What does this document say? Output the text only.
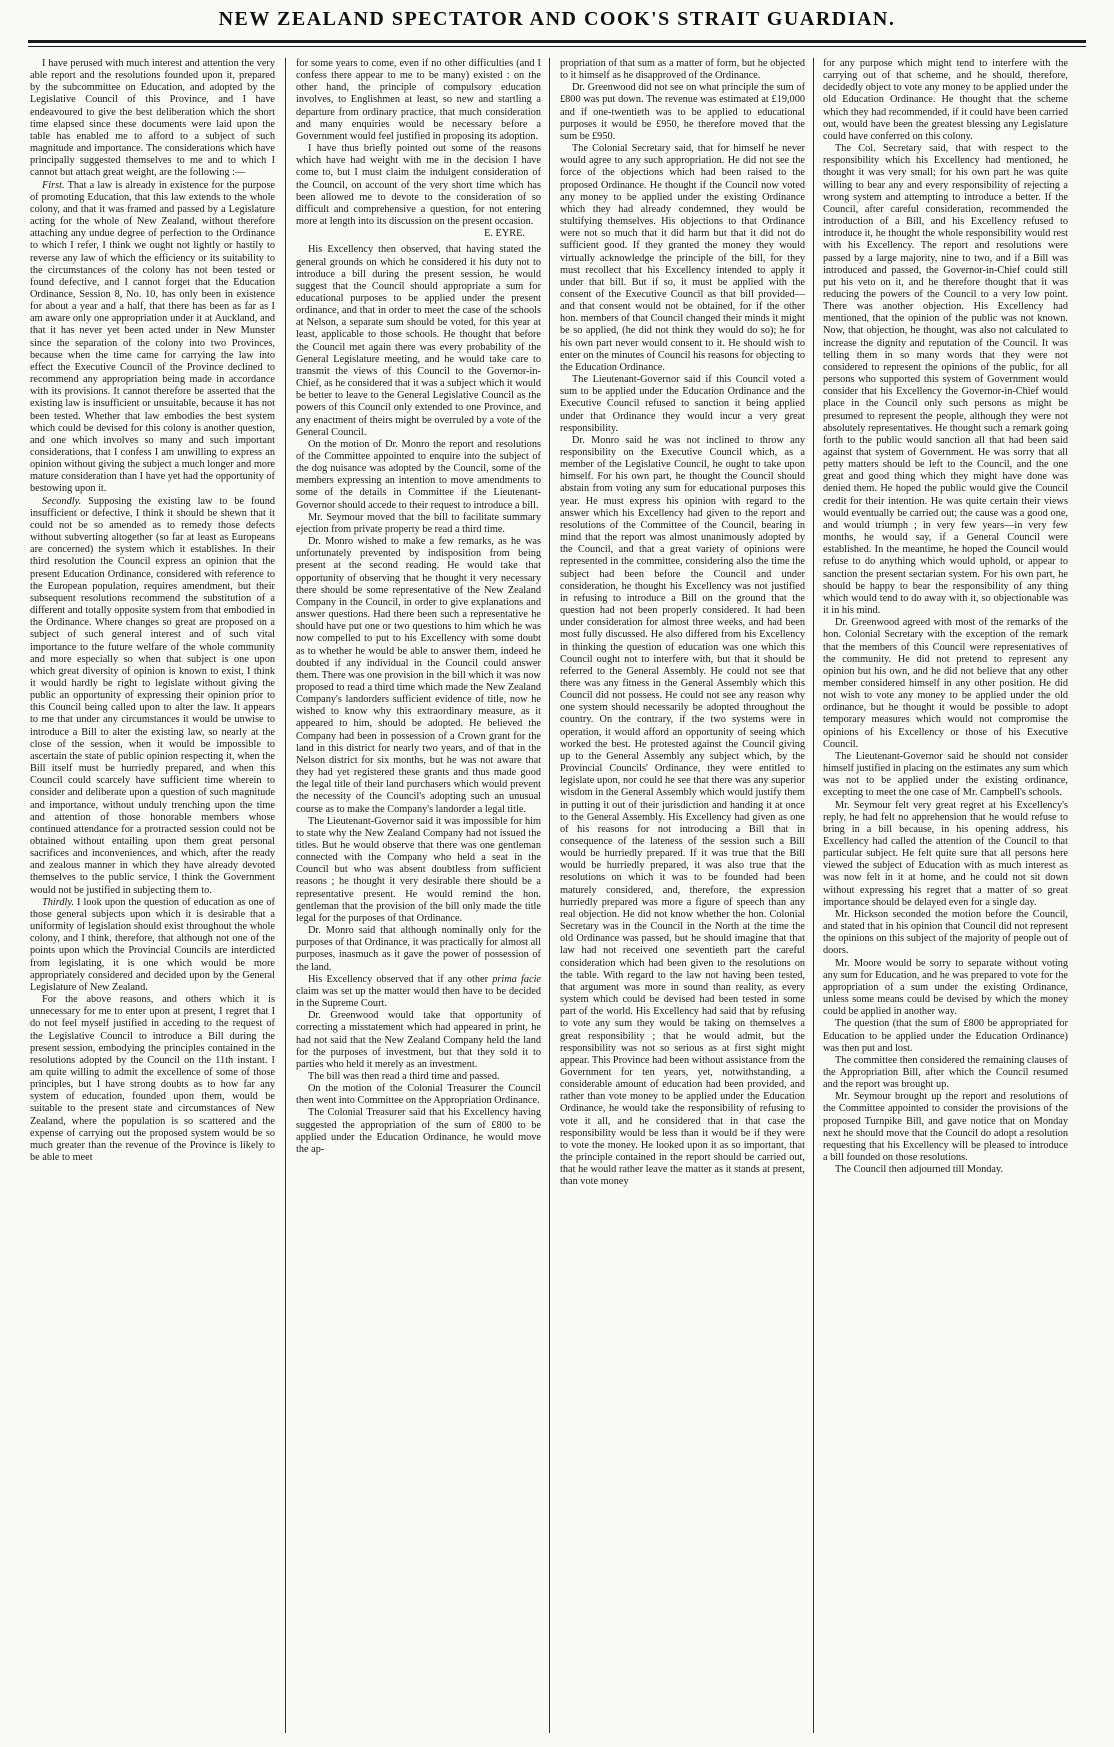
NEW ZEALAND SPECTATOR AND COOK'S STRAIT GUARDIAN.

I have perused with much interest and attention the very able report and the resolutions founded upon it, prepared by the subcommittee on Education, and adopted by the Legislative Council of this Province, and I have endeavoured to give the best deliberation which the short time elapsed since these documents were laid upon the table has enabled me to afford to a subject of such magnitude and importance. The considerations which have principally suggested themselves to me and to which I cannot but attach great weight, are the following :—

First. That a law is already in existence for the purpose of promoting Education, that this law extends to the whole colony, and that it was framed and passed by a Legislature acting for the whole of New Zealand, without therefore attaching any undue degree of perfection to the Ordinance to which I refer, I think we ought not lightly or hastily to reverse any law of which the efficiency or its suitability to the circumstances of the colony has not been tested or found defective, and I cannot forget that the Education Ordinance, Session 8, No. 10, has only been in existence for about a year and a half, that there has been as far as I am aware only one appropriation under it at Auckland, and that it has never yet been acted under in New Munster since the separation of the colony into two Provinces, because when the time came for carrying the law into effect the Executive Council of the Province declined to recommend any appropriation being made in accordance with its provisions. It cannot therefore be asserted that the existing law is insufficient or unsuitable, because it has not been tested. Whether that law embodies the best system which could be devised for this colony is another question, and one which involves so many and such important considerations, that I confess I am unwilling to express an opinion without giving the subject a much longer and more mature consideration than I have yet had the opportunity of bestowing upon it.

Secondly. Supposing the existing law to be found insufficient or defective, I think it should be shewn that it could not be so amended as to remedy those defects without subverting altogether (so far at least as Europeans are concerned) the system which it establishes. In their third resolution the Council express an opinion that the present Education Ordinance, considered with reference to the European population, requires amendment, but their subsequent resolutions recommend the substitution of a different and totally opposite system from that embodied in the Ordinance. Where changes so great are proposed on a subject of such general interest and of such vital importance to the future welfare of the whole community and more especially so when that subject is one upon which great diversity of opinion is known to exist, I think it would hardly be right to legislate without giving the public an opportunity of expressing their opinion prior to this Council being called upon to alter the law. It appears to me that under any circumstances it would be unwise to introduce a Bill to alter the existing law, so nearly at the close of the session, when it would be impossible to ascertain the state of public opinion respecting it, when the Bill itself must be hurriedly prepared, and when this Council could scarcely have sufficient time wherein to consider and deliberate upon a question of such magnitude and importance, without unduly trenching upon the time and attention of those honorable members whose continued attendance for a protracted session could not be obtained without entailing upon them great personal sacrifices and inconveniences, and which, after the ready and zealous manner in which they have already devoted themselves to the public service, I think the Government would not be justified in subjecting them to.

Thirdly. I look upon the question of education as one of those general subjects upon which it is desirable that a uniformity of legislation should exist throughout the whole colony, and I think, therefore, that although not one of the points upon which the Provincial Councils are interdicted from legislating, it is one which would be more appropriately considered and decided upon by the General Legislature of New Zealand.

For the above reasons, and others which it is unnecessary for me to enter upon at present, I regret that I do not feel myself justified in acceding to the request of the Legislative Council to introduce a Bill during the present session, embodying the principles contained in the resolutions adopted by the Council on the 11th instant. I am quite willing to admit the excellence of some of those principles, but I have strong doubts as to how far any system of education, founded upon them, would be suitable to the present state and circumstances of New Zealand, where the population is so scattered and the expense of carrying out the proposed system would be so much greater than the revenue of the Province is likely to be able to meet

for some years to come, even if no other difficulties (and I confess there appear to me to be many) existed : on the other hand, the principle of compulsory education involves, to Englishmen at least, so new and startling a departure from ordinary practice, that much consideration and many enquiries would be necessary before a Government would feel justified in proposing its adoption.

I have thus briefly pointed out some of the reasons which have had weight with me in the decision I have come to, but I must claim the indulgent consideration of the Council, on account of the very short time which has been allowed me to devote to the consideration of so difficult and comprehensive a question, for not entering more at length into its discussion on the present occasion.

E. EYRE.

His Excellency then observed, that having stated the general grounds on which he considered it his duty not to introduce a bill during the present session, he would suggest that the Council should appropriate a sum for educational purposes to be applied under the present ordinance, and that in order to meet the case of the schools at Nelson, a separate sum should be voted, for this year at least, applicable to those schools. He thought that before the Council met again there was every probability of the General Legislature meeting, and he would take care to transmit the views of this Council to the Governor-in-Chief, as he considered that it was a subject which it would be better to leave to the General Legislative Council as the powers of this Council only extended to one Province, and any enactment of theirs might be overruled by a vote of the General Council.

On the motion of Dr. Monro the report and resolutions of the Committee appointed to enquire into the subject of the dog nuisance was adopted by the Council, some of the members expressing an intention to move amendments to some of the details in Committee if the Lieutenant-Governor should accede to their request to introduce a bill.

Mr. Seymour moved that the bill to facilitate summary ejection from private property be read a third time.

Dr. Monro wished to make a few remarks, as he was unfortunately prevented by indisposition from being present at the second reading. He would take that opportunity of observing that he thought it very necessary there should be some representative of the New Zealand Company in the Council, in order to give explanations and answer questions. Had there been such a representative he should have put one or two questions to him which he was now compelled to put to his Excellency with some doubt as to whether he would be able to answer them, indeed he doubted if any individual in the Council could answer them. There was one provision in the bill which it was now proposed to read a third time which made the New Zealand Company's landorders sufficient evidence of title, now he wished to know why this extraordinary measure, as it appeared to him, should be adopted. He believed the Company had been in possession of a Crown grant for the land in this district for nearly two years, and of that in the Nelson district for six months, but he was not aware that they had yet registered these grants and thus made good the legal title of their land purchasers which would prevent the necessity of the Council's adopting such an unusual course as to make the Company's landorder a legal title.

The Lieutenant-Governor said it was impossible for him to state why the New Zealand Company had not issued the titles. But he would observe that there was one gentleman connected with the Company who held a seat in the Council but who was absent doubtless from sufficient reasons ; he thought it very desirable there should be a representative present. He would remind the hon. gentleman that the provision of the bill only made the title legal for the purposes of that Ordinance.

Dr. Monro said that although nominally only for the purposes of that Ordinance, it was practically for almost all purposes, inasmuch as it gave the power of possession of the land.

His Excellency observed that if any other prima facie claim was set up the matter would then have to be decided in the Supreme Court.

Dr. Greenwood would take that opportunity of correcting a misstatement which had appeared in print, he had not said that the New Zealand Company held the land for the purposes of investment, but that they sold it to parties who held it merely as an investment.

The bill was then read a third time and passed.

On the motion of the Colonial Treasurer the Council then went into Committee on the Appropriation Ordinance.

The Colonial Treasurer said that his Excellency having suggested the appropriation of the sum of £800 to be applied under the Education Ordinance, he would move the ap-

propriation of that sum as a matter of form, but he objected to it himself as he disapproved of the Ordinance.

Dr. Greenwood did not see on what principle the sum of £800 was put down. The revenue was estimated at £19,000 and if one-twentieth was to be applied to educational purposes it would be £950, he therefore moved that the sum be £950.

The Colonial Secretary said, that for himself he never would agree to any such appropriation. He did not see the force of the objections which had been raised to the proposed Ordinance. He thought if the Council now voted any money to be applied under the existing Ordinance which they had already condemned, they would be stultifying themselves. His objections to that Ordinance were not so much that it did harm but that it did not do sufficient good. If they granted the money they would virtually acknowledge the principle of the bill, for they must recollect that his Excellency intended to apply it under that bill. But if so, it must be applied with the consent of the Executive Council as that bill provided—and that consent would not be obtained, for if the other hon. members of that Council changed their minds it might be so applied, (he did not think they would do so); he for his own part never would consent to it. He should wish to enter on the minutes of Council his reasons for objecting to the Education Ordinance.

The Lieutenant-Governor said if this Council voted a sum to be applied under the Education Ordinance and the Executive Council refused to sanction it being applied under that Ordinance they would incur a very great responsibility.

Dr. Monro said he was not inclined to throw any responsibility on the Executive Council which, as a member of the Legislative Council, he ought to take upon himself. For his own part, he thought the Council should abstain from voting any sum for educational purposes this year. He must express his opinion with regard to the answer which his Excellency had given to the report and resolutions of the Committee of the Council, bearing in mind that the report was almost unanimously adopted by the Council, and that a great variety of opinions were represented in the committee, considering also the time the subject had been before the Council and under consideration, he thought his Excellency was not justified in refusing to introduce a Bill on the ground that the question had not been properly considered. It had been under consideration for almost three weeks, and had been most fully discussed. He also differed from his Excellency in thinking the question of education was one which this Council ought not to interfere with, but that it should be referred to the General Assembly. He could not see that there was any fitness in the General Assembly which this Council did not possess. He could not see any reason why one system should necessarily be adopted throughout the country. On the contrary, if the two systems were in operation, it would afford an opportunity of seeing which worked the best. He protested against the Council giving up to the General Assembly any subject which, by the Provincial Councils' Ordinance, they were entitled to legislate upon, nor could he see that there was any superior wisdom in the General Assembly which would justify them in putting it out of their jurisdiction and handing it at once to the General Assembly. His Excellency had given as one of his reasons for not introducing a Bill that in consequence of the lateness of the session such a Bill would be hurriedly prepared. If it was true that the Bill would be hurriedly prepared, it was also true that the resolutions on which it was to be founded had been maturely considered, and, therefore, the expression hurriedly prepared was more a figure of speech than any real objection. He did not know whether the hon. Colonial Secretary was in the Council in the North at the time the old Ordinance was passed, but he should imagine that that law had not received one seventieth part the careful consideration which had been given to the resolutions on the table. With regard to the law not having been tested, that argument was more in sound than reality, as every system which could be devised had been tested in some part of the world. His Excellency had said that by refusing to vote any sum they would be taking on themselves a great responsibility ; that he would admit, but the responsibility was not so serious as at first sight might appear. This Province had been without assistance from the Government for ten years, yet, notwithstanding, a considerable amount of education had been provided, and rather than vote money to be applied under the Education Ordinance, he would take the responsibility of refusing to vote it all, and he considered that in that case the responsibility would be less than it would be if they were to vote the money. He looked upon it as so important, that the principle contained in the report should be carried out, that he would rather leave the matter as it stands at present, than vote money

for any purpose which might tend to interfere with the carrying out of that scheme, and he should, therefore, decidedly object to vote any money to be applied under the old Education Ordinance. He thought that the scheme which they had recommended, if it could have been carried out, would have been the greatest blessing any Legislature could have conferred on this colony.

The Col. Secretary said, that with respect to the responsibility which his Excellency had mentioned, he thought it was very small; for his own part he was quite willing to bear any and every responsibility of rejecting a wrong system and attempting to introduce a better. If the Council, after careful consideration, recommended the introduction of a Bill, and his Excellency refused to introduce it, he thought the whole responsibility would rest with his Excellency. The report and resolutions were passed by a large majority, nine to two, and if a Bill was introduced and passed, the Governor-in-Chief could still put his veto on it, and he therefore thought that it was reducing the powers of the Council to a very low point. There was another objection. His Excellency had mentioned, that the opinion of the public was not known. Now, that objection, he thought, was also not calculated to increase the dignity and reputation of the Council. It was telling them in so many words that they were not considered to represent the opinions of the public, for all persons who supported this system of Government would consider that his Excellency the Governor-in-Chief would place in the Council only such persons as might be presumed to represent the people, although they were not absolutely representatives. He thought such a remark going forth to the public would sanction all that had been said against that system of Government. He was sorry that all petty matters should be left to the Council, and the one great and good thing which they might have done was denied them. He hoped the public would give the Council credit for their intention. He was quite certain their views would eventually be carried out; the cause was a good one, and would triumph ; in very few years—in very few months, he would say, if a General Council were established. In the meantime, he hoped the Council would refuse to do anything which would uphold, or appear to sanction the present sectarian system. For his own part, he should be happy to bear the responsibility of any thing which would tend to do away with it, so objectionable was it in his mind.

Dr. Greenwood agreed with most of the remarks of the hon. Colonial Secretary with the exception of the remark that the members of this Council were representatives of the community. He did not pretend to represent any opinion but his own, and he did not believe that any other member considered himself in any other position. He did not wish to vote any money to be applied under the old ordinance, but he thought it would be possible to adopt temporary measures which would not compromise the opinions of his Excellency or those of his Executive Council.

The Lieutenant-Governor said he should not consider himself justified in placing on the estimates any sum which was not to be applied under the existing ordinance, excepting to meet the one case of Mr. Campbell's schools.

Mr. Seymour felt very great regret at his Excellency's reply, he had felt no apprehension that he would refuse to bring in a bill because, in his opening address, his Excellency had called the attention of the Council to that particular subject. He felt quite sure that all persons here viewed the subject of Education with as much interest as was now felt in it at home, and he could not sit down without expressing his regret that a matter of so great importance should be delayed even for a single day.

Mr. Hickson seconded the motion before the Council, and stated that in his opinion that Council did not represent the opinions on this subject of the majority of people out of doors.

Mr. Moore would be sorry to separate without voting any sum for Education, and he was prepared to vote for the appropriation of a sum under the existing Ordinance, unless some means could be devised by which the money could be applied in another way.

The question (that the sum of £800 be appropriated for Education to be applied under the Education Ordinance) was then put and lost.

The committee then considered the remaining clauses of the Appropriation Bill, after which the Council resumed and the report was brought up.

Mr. Seymour brought up the report and resolutions of the Committee appointed to consider the provisions of the proposed Turnpike Bill, and gave notice that on Monday next he should move that the Council do adopt a resolution requesting that his Excellency will be pleased to introduce a bill founded on those resolutions.

The Council then adjourned till Monday.
